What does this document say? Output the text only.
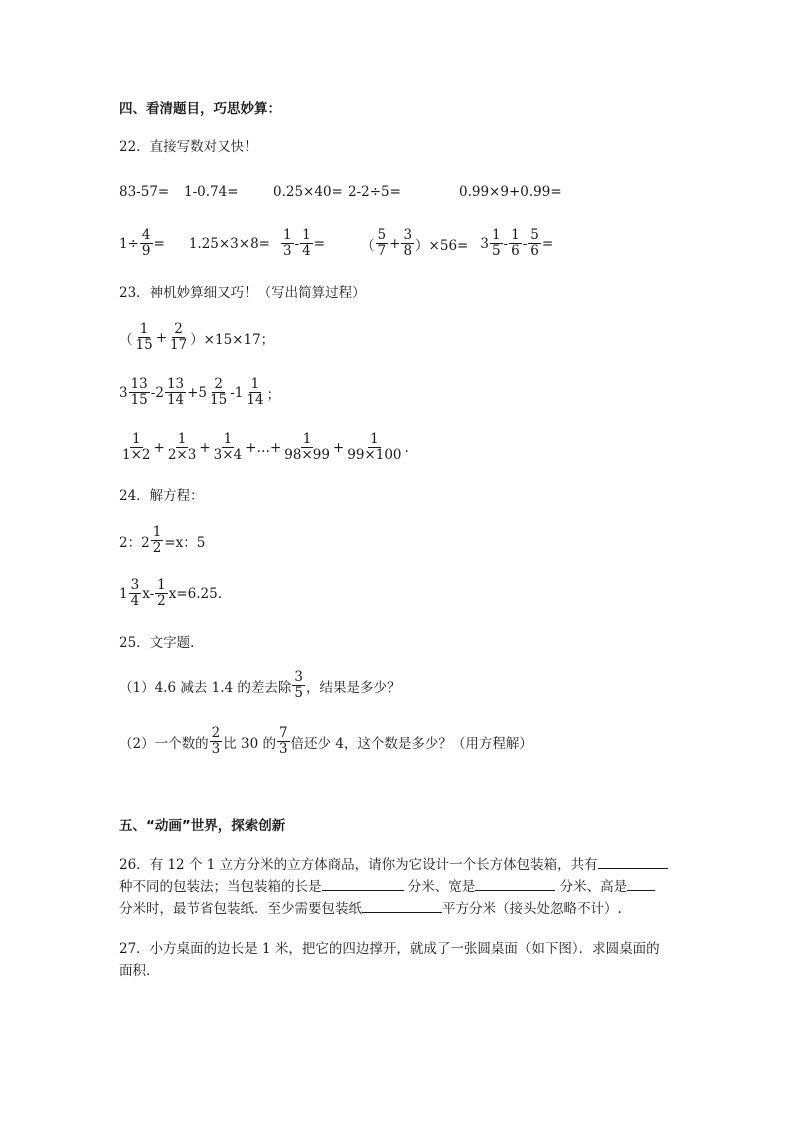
四、看清题目，巧思妙算：
22．直接写数对又快！
83-57= 1-0.74=	0.25×40= 2-2÷5=	0.99×9+0.99=
$1\div \frac{4}{9} = 1.25\times 3\times 8= \frac{1}{3} - \frac{1}{4}$ =	（ $\frac{5}{7} + \frac{3}{8} )\times 56= 3 \frac{1}{5} - \frac{1}{6} - \frac{5}{6}$ =
23．神机妙算细又巧！（写出简算过程）
（ $\frac{1}{15} + \frac{2}{17} )\times 15\times 17$；
$3 \frac{13}{15} -2 \frac{13}{14} +5 \frac{2}{15} -1 \frac{1}{14}$ ；
$\frac{1}{1\times 2} + \frac{1}{2\times 3} + \frac{1}{3\times 4}$ + … + $\frac{1}{98\times 99} + \frac{1}{99\times 100}$ .
24．解方程：
2：$2 \frac{1}{2} =x$：5
$1 \frac{3}{4} x- \frac{1}{2} x=6.25$.
25．文字题．
（1）4.6 减去 1.4 的差去除 $\frac{3}{5}$ ，结果是多少？
（2）一个数的 $\frac{2}{3}$ 比 30 的 $\frac{7}{3}$ 倍还少 4，这个数是多少？（用方程解）
五、“动画”世界，探索创新
26．有 12 个 1 立方分米的立方体商品，请你为它设计一个长方体包装箱，共有
种不同的包装法；当包装箱的长是	分米、宽是	分米、高是
分米时，最节省包装纸．至少需要包装纸	平方分米（接头处忽略不计）.
27．小方桌面的边长是 1 米，把它的四边撑开，就成了一张圆桌面（如下图）．求圆桌面的
面积．
